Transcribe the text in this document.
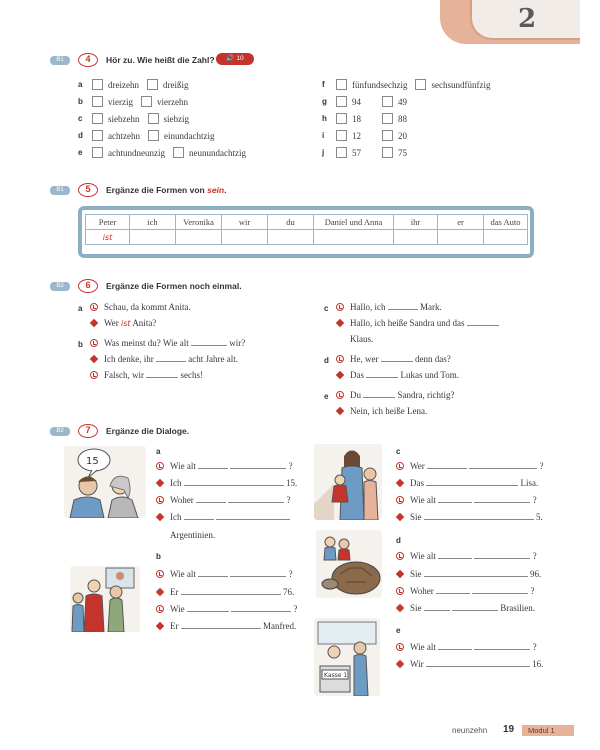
2
B1	4	Hör zu. Wie heißt die Zahl?	🔊 10
a	dreizehn	dreißig
b	vierzig	vierzehn
c	siebzehn	siebzig
d	achtzehn	einundachtzig
e	achtundneunzig	neunundachtzig
f	fünfundsechzig	sechsundfünfzig
g	94	49
h	18	88
i	12	20
j	57	75
B1	5	Ergänze die Formen von sein.
Peter	ich	Veronika	wir	du	Daniel und Anna	ihr	er	das Auto
ist								
B2	6	Ergänze die Formen noch einmal.
a	Schau, da kommt Anita.
Wer ist Anita?
b	Was meinst du? Wie alt	wir?
Ich denke, ihr	acht Jahre alt.
Falsch, wir	sechs!
c	Hallo, ich	Mark.
Hallo, ich heiße Sandra und das
Klaus.
d	He, wer	denn das?
Das	Lukas und Tom.
e	Du	Sandra, richtig?
Nein, ich heiße Lena.
B2	7	Ergänze die Dialoge.
15
Kasse 1
a
Wie alt	?
Ich	15.
Woher	?
Ich
Argentinien.
b
Wie alt	?
Er	76.
Wie	?
Er	Manfred.
c
Wer	?
Das	Lisa.
Wie alt	?
Sie	5.
d
Wie alt	?
Sie	96.
Woher	?
Sie	Brasilien.
e
Wie alt	?
Wir	16.
neunzehn 19	Modul 1
